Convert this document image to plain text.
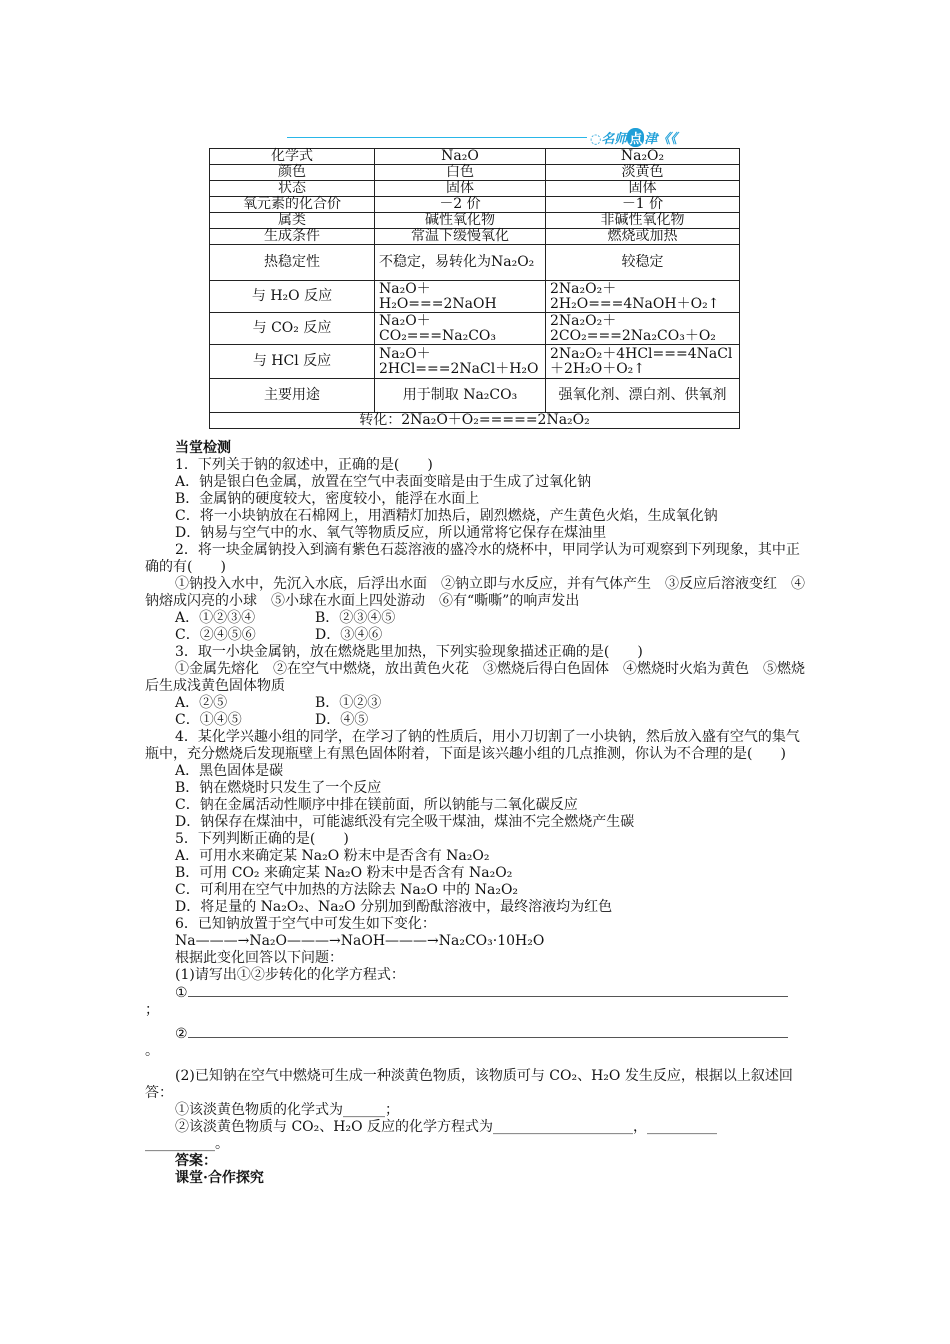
◌名师 点 津《《
化学式	Na₂O	Na₂O₂
颜色	白色	淡黄色
状态	固体	固体
氧元素的化合价	－2 价	－1 价
属类	碱性氧化物	非碱性氧化物
生成条件	常温下缓慢氧化	燃烧或加热
热稳定性	不稳定，易转化为Na₂O₂	较稳定
与 H₂O 反应	Na₂O＋H₂O===2NaOH	2Na₂O₂＋2H₂O===4NaOH＋O₂↑
与 CO₂ 反应	Na₂O＋CO₂===Na₂CO₃	2Na₂O₂＋2CO₂===2Na₂CO₃＋O₂
与 HCl 反应	Na₂O＋2HCl===2NaCl＋H₂O	2Na₂O₂＋4HCl===4NaCl＋2H₂O＋O₂↑
主要用途	用于制取 Na₂CO₃	强氧化剂、漂白剂、供氧剂
转化：2Na₂O＋O₂=====2Na₂O₂		

当堂检测

1．下列关于钠的叙述中，正确的是(　　)

A．钠是银白色金属，放置在空气中表面变暗是由于生成了过氧化钠

B．金属钠的硬度较大，密度较小，能浮在水面上

C．将一小块钠放在石棉网上，用酒精灯加热后，剧烈燃烧，产生黄色火焰，生成氧化钠

D．钠易与空气中的水、氧气等物质反应，所以通常将它保存在煤油里

2．将一块金属钠投入到滴有紫色石蕊溶液的盛冷水的烧杯中，甲同学认为可观察到下列现象，其中正确的有(　　)

①钠投入水中，先沉入水底，后浮出水面　②钠立即与水反应，并有气体产生　③反应后溶液变红　④钠熔成闪亮的小球　⑤小球在水面上四处游动　⑥有“嘶嘶”的响声发出

A．①②③④	B．②③④⑤
C．②④⑤⑥	D．③④⑥

3．取一小块金属钠，放在燃烧匙里加热，下列实验现象描述正确的是(　　)

①金属先熔化　②在空气中燃烧，放出黄色火花　③燃烧后得白色固体　④燃烧时火焰为黄色　⑤燃烧后生成浅黄色固体物质

A．②⑤	B．①②③
C．①④⑤	D．④⑤

4．某化学兴趣小组的同学，在学习了钠的性质后，用小刀切割了一小块钠，然后放入盛有空气的集气瓶中，充分燃烧后发现瓶壁上有黑色固体附着，下面是该兴趣小组的几点推测，你认为不合理的是(　　)

A．黑色固体是碳

B．钠在燃烧时只发生了一个反应

C．钠在金属活动性顺序中排在镁前面，所以钠能与二氧化碳反应

D．钠保存在煤油中，可能滤纸没有完全吸干煤油，煤油不完全燃烧产生碳

5．下列判断正确的是(　　)

A．可用水来确定某 Na₂O 粉末中是否含有 Na₂O₂

B．可用 CO₂ 来确定某 Na₂O 粉末中是否含有 Na₂O₂

C．可利用在空气中加热的方法除去 Na₂O 中的 Na₂O₂

D．将足量的 Na₂O₂、Na₂O 分别加到酚酞溶液中，最终溶液均为红色

6．已知钠放置于空气中可发生如下变化：

Na———→Na₂O———→NaOH———→Na₂CO₃·10H₂O

根据此变化回答以下问题：

(1)请写出①②步转化的化学方程式：

①

；

②

。

(2)已知钠在空气中燃烧可生成一种淡黄色物质，该物质可与 CO₂、H₂O 发生反应，根据以上叙述回答：

①该淡黄色物质的化学式为______；

②该淡黄色物质与 CO₂、H₂O 反应的化学方程式为____________________，__________

__________。

答案：

课堂·合作探究
